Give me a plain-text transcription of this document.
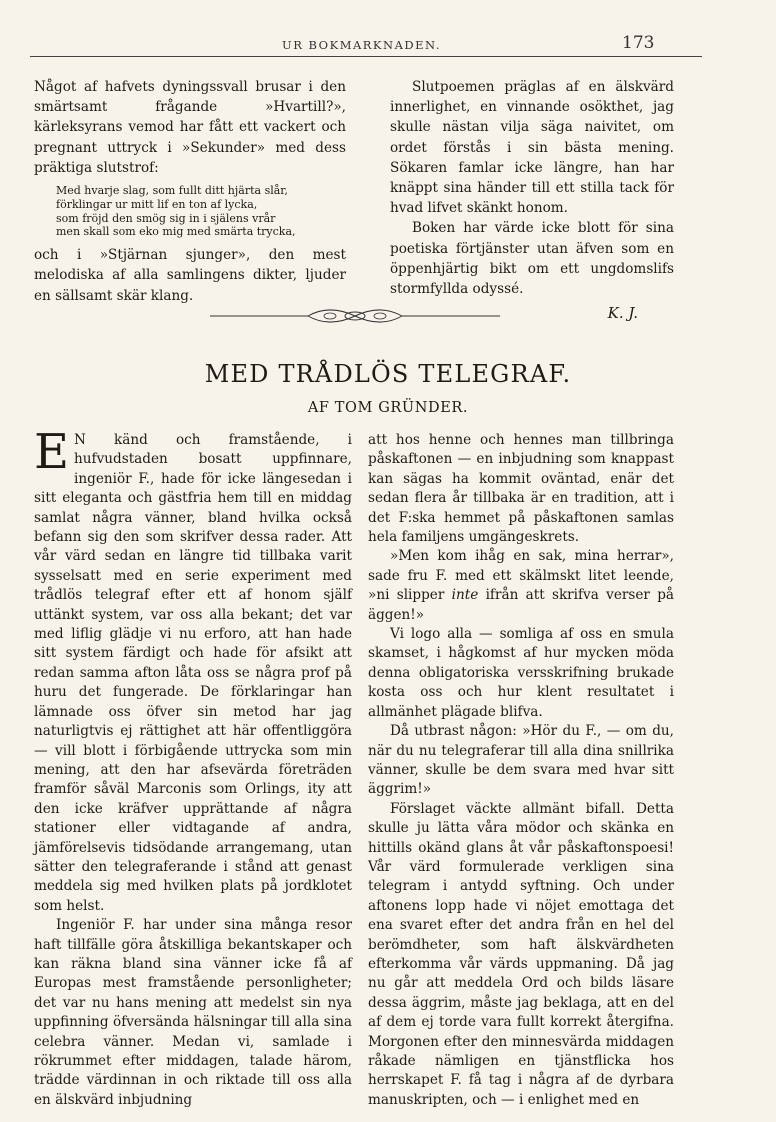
UR BOKMARKNADEN.	173

Något af hafvets dyningssvall brusar i den smärtsamt frågande »Hvartill?», kärleksyrans vemod har fått ett vackert och pregnant uttryck i »Sekunder» med dess präktiga slutstrof:

Med hvarje slag, som fullt ditt hjärta slår,
förklingar ur mitt lif en ton af lycka,
som fröjd den smög sig in i själens vrår
men skall som eko mig med smärta trycka,

och i »Stjärnan sjunger», den mest melodiska af alla samlingens dikter, ljuder en sällsamt skär klang.

Slutpoemen präglas af en älskvärd innerlighet, en vinnande osökthet, jag skulle nästan vilja säga naivitet, om ordet förstås i sin bästa mening. Sökaren famlar icke längre, han har knäppt sina händer till ett stilla tack för hvad lifvet skänkt honom.

Boken har värde icke blott för sina poetiska förtjänster utan äfven som en öppenhjärtig bikt om ett ungdomslifs stormfyllda odyssé.

K. J.
MED TRÅDLÖS TELEGRAF.
AF TOM GRÜNDER.

E N känd och framstående, i hufvudstaden bosatt uppfinnare, ingeniör F., hade för icke längesedan i sitt eleganta och gästfria hem till en middag samlat några vänner, bland hvilka också befann sig den som skrifver dessa rader. Att vår värd sedan en längre tid tillbaka varit sysselsatt med en serie experiment med trådlös telegraf efter ett af honom själf uttänkt system, var oss alla bekant; det var med liflig glädje vi nu erforo, att han hade sitt system färdigt och hade för afsikt att redan samma afton låta oss se några prof på huru det fungerade. De förklaringar han lämnade oss öfver sin metod har jag naturligtvis ej rättighet att här offentliggöra — vill blott i förbigående uttrycka som min mening, att den har afsevärda företräden framför såväl Marconis som Orlings, ity att den icke kräfver upprättande af några stationer eller vidtagande af andra, jämförelsevis tidsödande arrangemang, utan sätter den telegraferande i stånd att genast meddela sig med hvilken plats på jordklotet som helst.

Ingeniör F. har under sina många resor haft tillfälle göra åtskilliga bekantskaper och kan räkna bland sina vänner icke få af Europas mest framstående personligheter; det var nu hans mening att medelst sin nya uppfinning öfversända hälsningar till alla sina celebra vänner. Medan vi, samlade i rökrummet efter middagen, talade härom, trädde värdinnan in och riktade till oss alla en älskvärd inbjudning

att hos henne och hennes man tillbringa påskaftonen — en inbjudning som knappast kan sägas ha kommit oväntad, enär det sedan flera år tillbaka är en tradition, att i det F:ska hemmet på påskaftonen samlas hela familjens umgängeskrets.

»Men kom ihåg en sak, mina herrar», sade fru F. med ett skälmskt litet leende, »ni slipper inte ifrån att skrifva verser på äggen!»

Vi logo alla — somliga af oss en smula skamset, i hågkomst af hur mycken möda denna obligatoriska versskrifning brukade kosta oss och hur klent resultatet i allmänhet plägade blifva.

Då utbrast någon: »Hör du F., — om du, när du nu telegraferar till alla dina snillrika vänner, skulle be dem svara med hvar sitt äggrim!»

Förslaget väckte allmänt bifall. Detta skulle ju lätta våra mödor och skänka en hittills okänd glans åt vår påskaftonspoesi! Vår värd formulerade verkligen sina telegram i antydd syftning. Och under aftonens lopp hade vi nöjet emottaga det ena svaret efter det andra från en hel del berömdheter, som haft älskvärdheten efterkomma vår värds uppmaning. Då jag nu går att meddela Ord och bilds läsare dessa äggrim, måste jag beklaga, att en del af dem ej torde vara fullt korrekt återgifna. Morgonen efter den minnesvärda middagen råkade nämligen en tjänstflicka hos herrskapet F. få tag i några af de dyrbara manuskripten, och — i enlighet med en
